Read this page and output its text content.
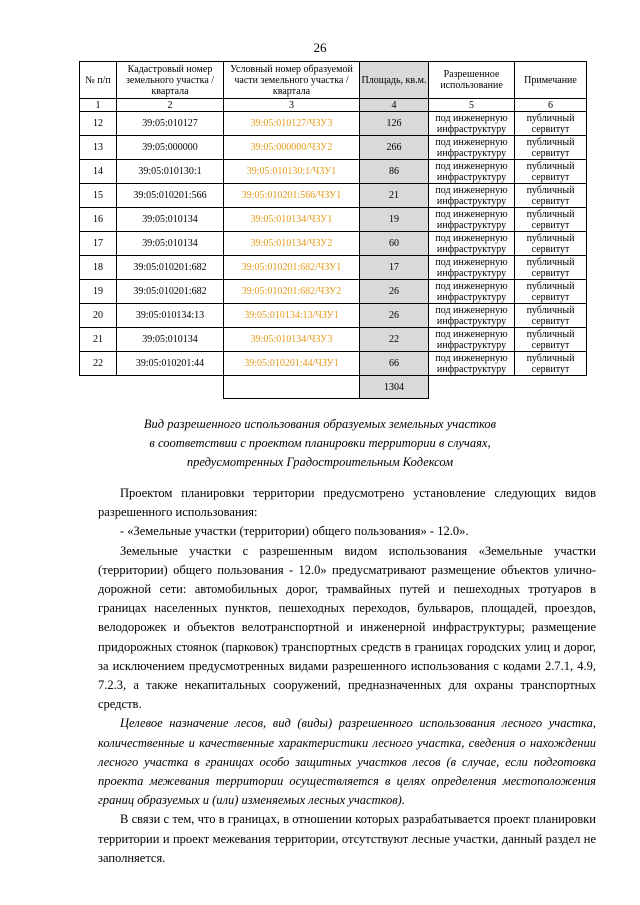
26
№ п/п	Кадастровый номер земельного участка /квартала	Условный номер образуемой части земельного участка /квартала	Площадь, кв.м.	Разрешенное использование	Примечание
1	2	3	4	5	6
12	39:05:010127	39:05:010127/ЧЗУ3	126	под инженерную инфраструктуру	публичный сервитут
13	39:05:000000	39:05:000000/ЧЗУ2	266	под инженерную инфраструктуру	публичный сервитут
14	39:05:010130:1	39:05:010130:1/ЧЗУ1	86	под инженерную инфраструктуру	публичный сервитут
15	39:05:010201:566	39:05:010201:566/ЧЗУ1	21	под инженерную инфраструктуру	публичный сервитут
16	39:05:010134	39:05:010134/ЧЗУ1	19	под инженерную инфраструктуру	публичный сервитут
17	39:05:010134	39:05:010134/ЧЗУ2	60	под инженерную инфраструктуру	публичный сервитут
18	39:05:010201:682	39:05:010201:682/ЧЗУ1	17	под инженерную инфраструктуру	публичный сервитут
19	39:05:010201:682	39:05:010201:682/ЧЗУ2	26	под инженерную инфраструктуру	публичный сервитут
20	39:05:010134:13	39:05:010134:13/ЧЗУ1	26	под инженерную инфраструктуру	публичный сервитут
21	39:05:010134	39:05:010134/ЧЗУ3	22	под инженерную инфраструктуру	публичный сервитут
22	39:05:010201:44	39:05:010201:44/ЧЗУ1	66	под инженерную инфраструктуру	публичный сервитут
			1304		
Вид разрешенного использования образуемых земельных участков
в соответствии с проектом планировки территории в случаях,
предусмотренных Градостроительным Кодексом

Проектом планировки территории предусмотрено установление следующих видов разрешенного использования:

- «Земельные участки (территории) общего пользования» - 12.0».

Земельные участки с разрешенным видом использования «Земельные участки (территории) общего пользования - 12.0» предусматривают размещение объектов улично-дорожной сети: автомобильных дорог, трамвайных путей и пешеходных тротуаров в границах населенных пунктов, пешеходных переходов, бульваров, площадей, проездов, велодорожек и объектов велотранспортной и инженерной инфраструктуры; размещение придорожных стоянок (парковок) транспортных средств в границах городских улиц и дорог, за исключением предусмотренных видами разрешенного использования с кодами 2.7.1, 4.9, 7.2.3, а также некапитальных сооружений, предназначенных для охраны транспортных средств.

Целевое назначение лесов, вид (виды) разрешенного использования лесного участка, количественные и качественные характеристики лесного участка, сведения о нахождении лесного участка в границах особо защитных участков лесов (в случае, если подготовка проекта межевания территории осуществляется в целях определения местоположения границ образуемых и (или) изменяемых лесных участков).

В связи с тем, что в границах, в отношении которых разрабатывается проект планировки территории и проект межевания территории, отсутствуют лесные участки, данный раздел не заполняется.
